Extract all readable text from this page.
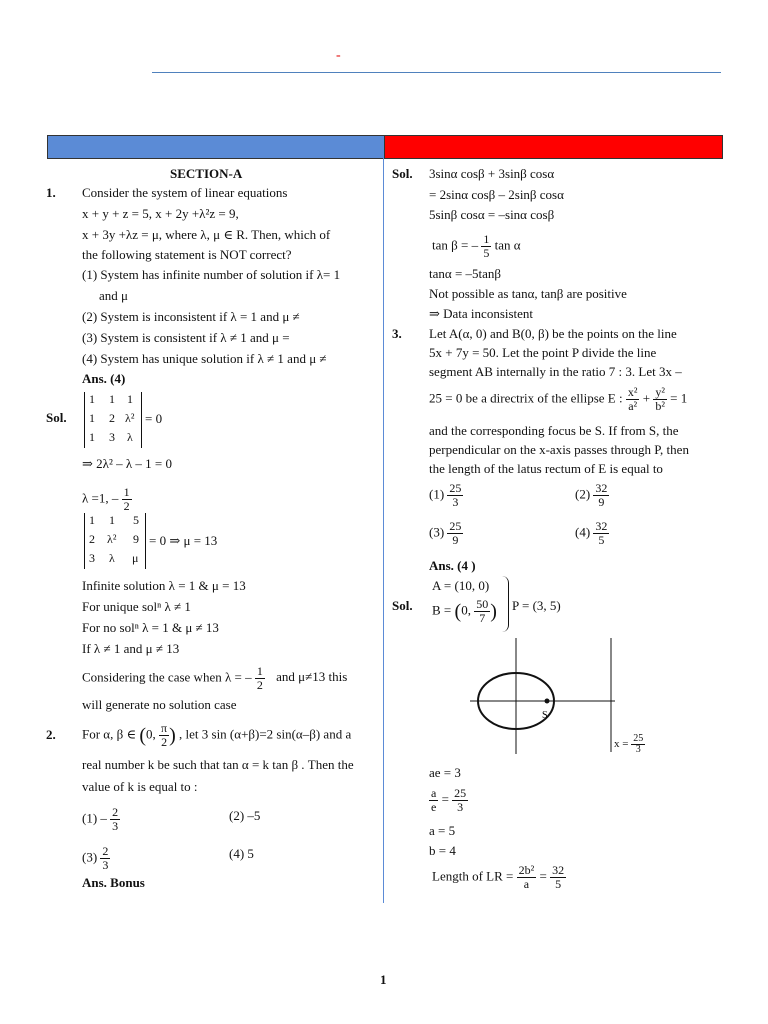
-
SECTION-A
1. Consider the system of linear equations
x + y + z = 5, x + 2y +λ²z = 9,
x + 3y +λz = μ, where λ, μ ∈ R. Then, which of
the following statement is NOT correct?
(1) System has infinite number of solution if λ= 1
and μ
(2) System is inconsistent if λ = 1 and μ ≠
(3) System is consistent if λ ≠ 1 and μ =
(4) System has unique solution if λ ≠ 1 and μ ≠
Ans. (4)
Sol.
1 1 1
1 2 λ²
1 3 λ
= 0
⇒ 2λ² – λ – 1 = 0
λ =1, – $\frac{1}{2}$
1 1 5
2 λ² 9
3 λ μ
= 0 ⇒ μ = 13
Infinite solution λ = 1 & μ = 13
For unique solⁿ λ ≠ 1
For no solⁿ λ = 1 & μ ≠ 13
If λ ≠ 1 and μ ≠ 13
Considering the case when λ = – $\frac{1}{2}$ and μ≠13 this
will generate no solution case
2. For α, β ∈ (0, $\frac{\pi}{2}$ ) , let 3 sin (α+β)=2 sin(α–β) and a
real number k be such that tan α = k tan β . Then the
value of k is equal to :
$(1) - \frac{2}{3}$	(2) –5
$(3) \frac{2}{3}$	(4) 5
Ans. Bonus
Sol. 3sinα cosβ + 3sinβ cosα
= 2sinα cosβ – 2sinβ cosα
5sinβ cosα = –sinα cosβ
tan β = – $\frac{1}{5}$ tan α
tanα = –5tanβ
Not possible as tanα, tanβ are positive
⇒ Data inconsistent
3. Let A(α, 0) and B(0, β) be the points on the line
5x + 7y = 50. Let the point P divide the line
segment AB internally in the ratio 7 : 3. Let 3x –
25 = 0 be a directrix of the ellipse E : $\frac{\text{x²}}{\text{a²}} + \frac{\text{y²}}{\text{b²}} = 1$
and the corresponding focus be S. If from S, the
perpendicular on the x-axis passes through P, then
the length of the latus rectum of E is equal to
$(1) \frac{25}{3}$	$(2) \frac{32}{9}$
$(3) \frac{25}{9}$	$(4) \frac{32}{5}$
Ans. (4 )
Sol.
A = (10, 0)
B = (0, $\frac{50}{7}$ ) P = (3, 5)
S
$x = \frac{25}{3}$
ae = 3
$\frac{a}{e} = \frac{25}{3}$
a = 5
b = 4
Length of LR = $\frac{\text{2b²}}{a} = \frac{32}{5}$
1
